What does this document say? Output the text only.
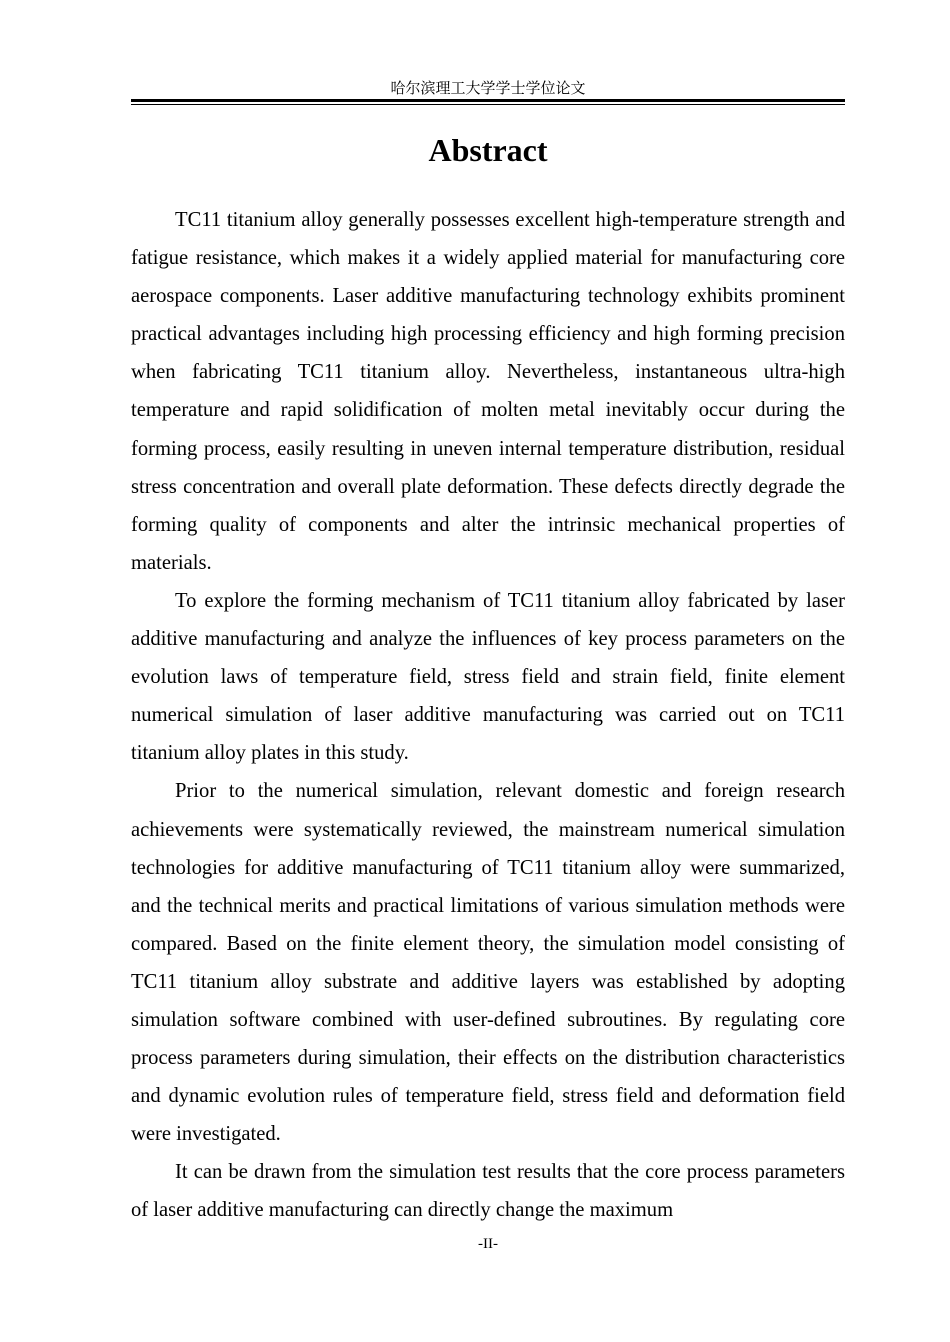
哈尔滨理工大学学士学位论文
Abstract

TC11 titanium alloy generally possesses excellent high-temperature strength and fatigue resistance, which makes it a widely applied material for manufacturing core aerospace components. Laser additive manufacturing technology exhibits prominent practical advantages including high processing efficiency and high forming precision when fabricating TC11 titanium alloy. Nevertheless, instantaneous ultra-high temperature and rapid solidification of molten metal inevitably occur during the forming process, easily resulting in uneven internal temperature distribution, residual stress concentration and overall plate deformation. These defects directly degrade the forming quality of components and alter the intrinsic mechanical properties of materials.

To explore the forming mechanism of TC11 titanium alloy fabricated by laser additive manufacturing and analyze the influences of key process parameters on the evolution laws of temperature field, stress field and strain field, finite element numerical simulation of laser additive manufacturing was carried out on TC11 titanium alloy plates in this study.

Prior to the numerical simulation, relevant domestic and foreign research achievements were systematically reviewed, the mainstream numerical simulation technologies for additive manufacturing of TC11 titanium alloy were summarized, and the technical merits and practical limitations of various simulation methods were compared. Based on the finite element theory, the simulation model consisting of TC11 titanium alloy substrate and additive layers was established by adopting simulation software combined with user-defined subroutines. By regulating core process parameters during simulation, their effects on the distribution characteristics and dynamic evolution rules of temperature field, stress field and deformation field were investigated.

It can be drawn from the simulation test results that the core process parameters of laser additive manufacturing can directly change the maximum

-II-
